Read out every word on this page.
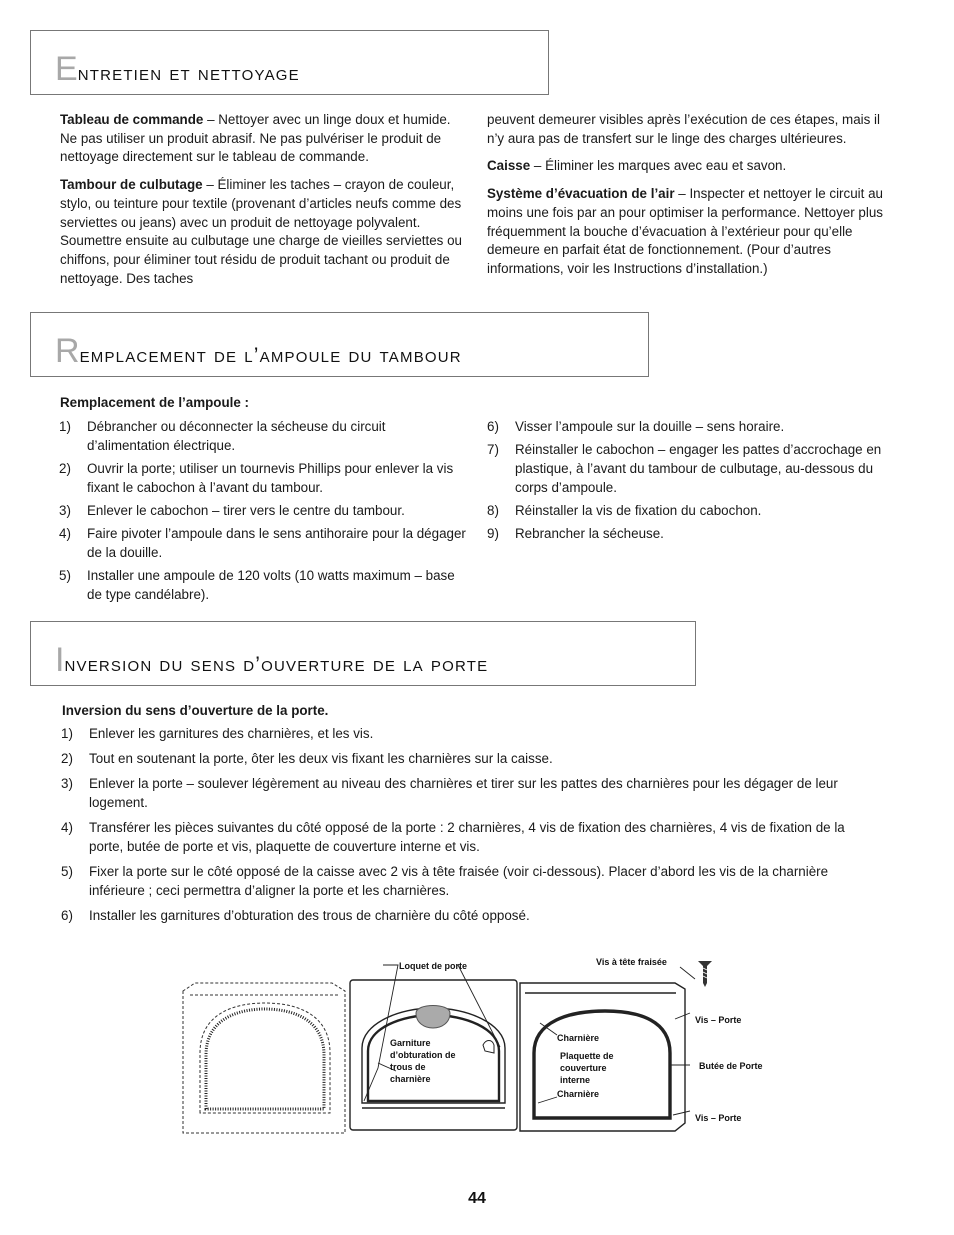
Entretien et nettoyage

Tableau de commande – Nettoyer avec un linge doux et humide. Ne pas utiliser un produit abrasif. Ne pas pulvériser le produit de nettoyage directement sur le tableau de commande.

Tambour de culbutage – Éliminer les taches – crayon de couleur, stylo, ou teinture pour textile (provenant d’articles neufs comme des serviettes ou jeans) avec un produit de nettoyage polyvalent. Soumettre ensuite au culbutage une charge de vieilles serviettes ou chiffons, pour éliminer tout résidu de produit tachant ou produit de nettoyage. Des taches

peuvent demeurer visibles après l’exécution de ces étapes, mais il n’y aura pas de transfert sur le linge des charges ultérieures.

Caisse – Éliminer les marques avec eau et savon.

Système d’évacuation de l’air – Inspecter et nettoyer le circuit au moins une fois par an pour optimiser la performance. Nettoyer plus fréquemment la bouche d’évacuation à l’extérieur pour qu’elle demeure en parfait état de fonctionnement. (Pour d’autres informations, voir les Instructions d’installation.)

Remplacement de l’ampoule du tambour
Remplacement de l’ampoule :
1) Débrancher ou déconnecter la sécheuse du circuit d’alimentation électrique.
2) Ouvrir la porte; utiliser un tournevis Phillips pour enlever la vis fixant le cabochon à l’avant du tambour.
3) Enlever le cabochon – tirer vers le centre du tambour.
4) Faire pivoter l’ampoule dans le sens antihoraire pour la dégager de la douille.
5) Installer une ampoule de 120 volts (10 watts maximum – base de type candélabre).
6) Visser l’ampoule sur la douille – sens horaire.
7) Réinstaller le cabochon – engager les pattes d’accrochage en plastique, à l’avant du tambour de culbutage, au-dessous du corps d’ampoule.
8) Réinstaller la vis de fixation du cabochon.
9) Rebrancher la sécheuse.
Inversion du sens d’ouverture de la porte
Inversion du sens d’ouverture de la porte.
1) Enlever les garnitures des charnières, et les vis.
2) Tout en soutenant la porte, ôter les deux vis fixant les charnières sur la caisse.
3) Enlever la porte – soulever légèrement au niveau des charnières et tirer sur les pattes des charnières pour les dégager de leur logement.
4) Transférer les pièces suivantes du côté opposé de la porte : 2 charnières, 4 vis de fixation des charnières, 4 vis de fixation de la porte, butée de porte et vis, plaquette de couverture interne et vis.
5) Fixer la porte sur le côté opposé de la caisse avec 2 vis à tête fraisée (voir ci-dessous). Placer d’abord les vis de la charnière inférieure ; ceci permettra d’aligner la porte et les charnières.
6) Installer les garnitures d’obturation des trous de charnière du côté opposé.
Loquet de porte	Vis à tête fraisée
Vis – Porte
Garniture
d’obturation de
trous de
charnière
Charnière
Plaquette de
couverture
interne
Charnière
Butée de Porte
Vis – Porte
44
